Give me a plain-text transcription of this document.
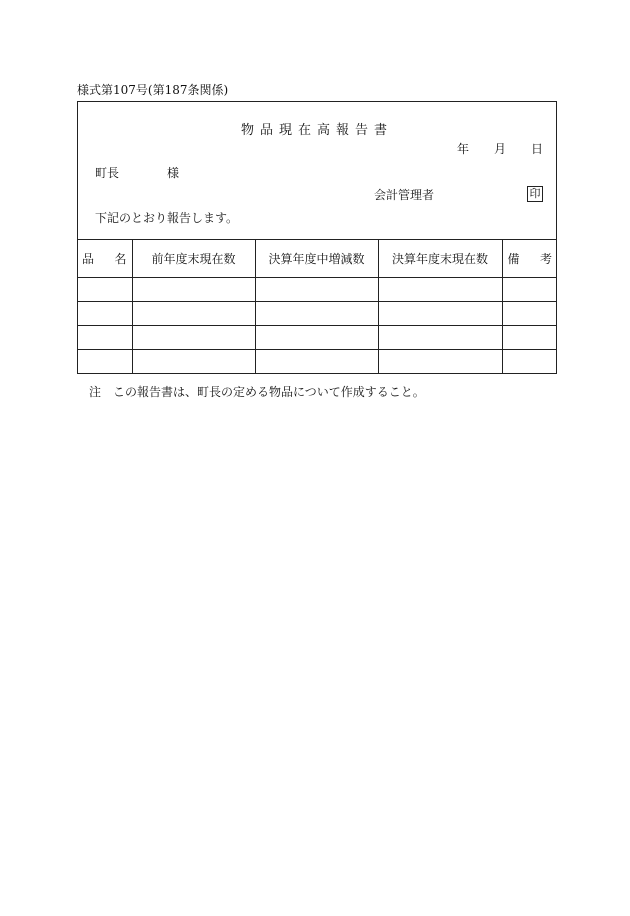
様式第107号(第187条関係)
物品現在高報告書
年 月 日
町長	様
会計管理者	印
下記のとおり報告します。
品 名	前年度末現在数	決算年度中増減数	決算年度末現在数	備 考

注　この報告書は、町長の定める物品について作成すること。
